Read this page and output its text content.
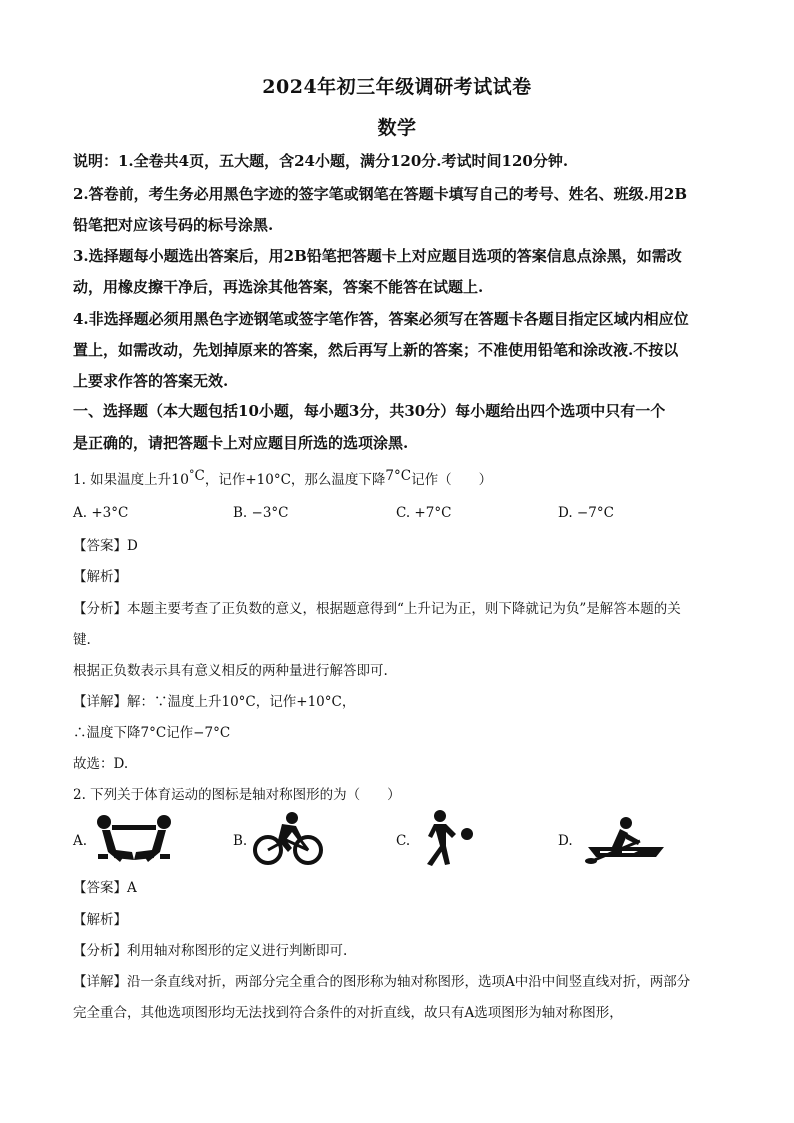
2024年初三年级调研考试试卷
数学
说明：1.全卷共4页，五大题，含24小题，满分120分.考试时间120分钟.
2.答卷前，考生务必用黑色字迹的签字笔或钢笔在答题卡填写自己的考号、姓名、班级.用2B
铅笔把对应该号码的标号涂黑.
3.选择题每小题选出答案后，用2B铅笔把答题卡上对应题目选项的答案信息点涂黑，如需改
动，用橡皮擦干净后，再选涂其他答案，答案不能答在试题上.
4.非选择题必须用黑色字迹钢笔或签字笔作答，答案必须写在答题卡各题目指定区域内相应位
置上，如需改动，先划掉原来的答案，然后再写上新的答案；不准使用铅笔和涂改液.不按以
上要求作答的答案无效.
一、选择题（本大题包括10小题，每小题3分，共30分）每小题给出四个选项中只有一个
是正确的，请把答题卡上对应题目所选的选项涂黑.
1. 如果温度上升10°C，记作+10°C，那么温度下降7°C记作（　　）
A. +3°C	B. −3°C	C. +7°C	D. −7°C
【答案】D
【解析】
【分析】本题主要考查了正负数的意义，根据题意得到“上升记为正，则下降就记为负”是解答本题的关
键.
根据正负数表示具有意义相反的两种量进行解答即可.
【详解】解：∵温度上升10°C，记作+10°C，
∴温度下降7°C记作−7°C
故选：D.
2. 下列关于体育运动的图标是轴对称图形的为（　　）
A.	B.	C.	D.
【答案】A
【解析】
【分析】利用轴对称图形的定义进行判断即可.
【详解】沿一条直线对折，两部分完全重合的图形称为轴对称图形，选项A中沿中间竖直线对折，两部分
完全重合，其他选项图形均无法找到符合条件的对折直线，故只有A选项图形为轴对称图形，
